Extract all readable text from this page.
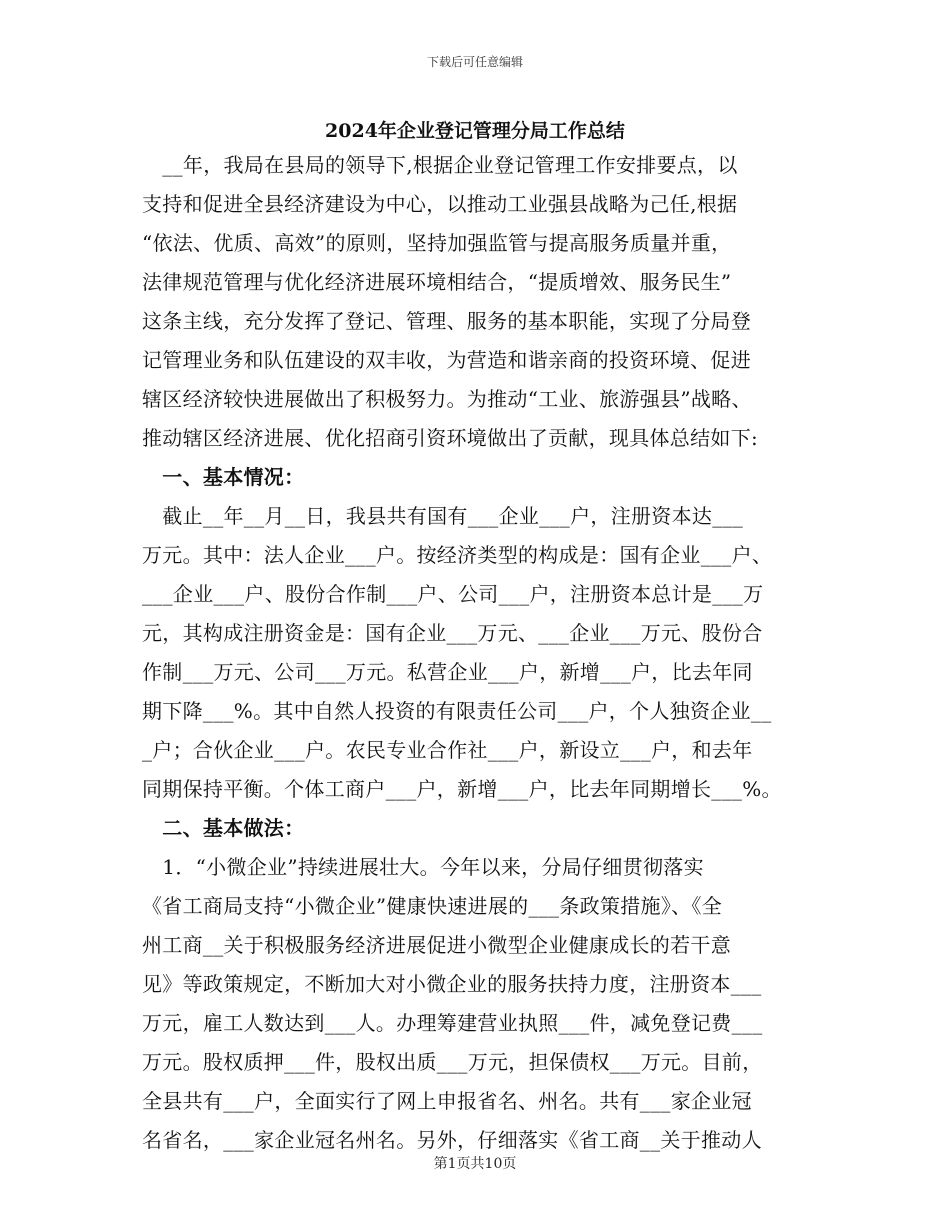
下载后可任意编辑
2024年企业登记管理分局工作总结
　__年，我局在县局的领导下,根据企业登记管理工作安排要点，以
支持和促进全县经济建设为中心，以推动工业强县战略为己任,根据
“依法、优质、高效”的原则，坚持加强监管与提高服务质量并重，
法律规范管理与优化经济进展环境相结合，“提质增效、服务民生”
这条主线，充分发挥了登记、管理、服务的基本职能，实现了分局登
记管理业务和队伍建设的双丰收，为营造和谐亲商的投资环境、促进
辖区经济较快进展做出了积极努力。为推动“工业、旅游强县”战略、
推动辖区经济进展、优化招商引资环境做出了贡献，现具体总结如下:
　一、基本情况：
　截止__年__月__日，我县共有国有___企业___户，注册资本达___
万元。其中：法人企业___户。按经济类型的构成是：国有企业___户、
___企业___户、股份合作制___户、公司___户，注册资本总计是___万
元，其构成注册资金是：国有企业___万元、___企业___万元、股份合
作制___万元、公司___万元。私营企业___户，新增___户，比去年同
期下降___%。其中自然人投资的有限责任公司___户，个人独资企业__
_户；合伙企业___户。农民专业合作社___户，新设立___户，和去年
同期保持平衡。个体工商户___户，新增___户，比去年同期增长___%。
　二、基本做法：
　1．“小微企业”持续进展壮大。今年以来，分局仔细贯彻落实
《省工商局支持“小微企业”健康快速进展的___条政策措施》、《全
州工商__关于积极服务经济进展促进小微型企业健康成长的若干意
见》等政策规定，不断加大对小微企业的服务扶持力度，注册资本___
万元，雇工人数达到___人。办理筹建营业执照___件，减免登记费___
万元。股权质押___件，股权出质___万元，担保债权___万元。目前，
全县共有___户，全面实行了网上申报省名、州名。共有___家企业冠
名省名，___家企业冠名州名。另外，仔细落实《省工商__关于推动人
第1页共10页
